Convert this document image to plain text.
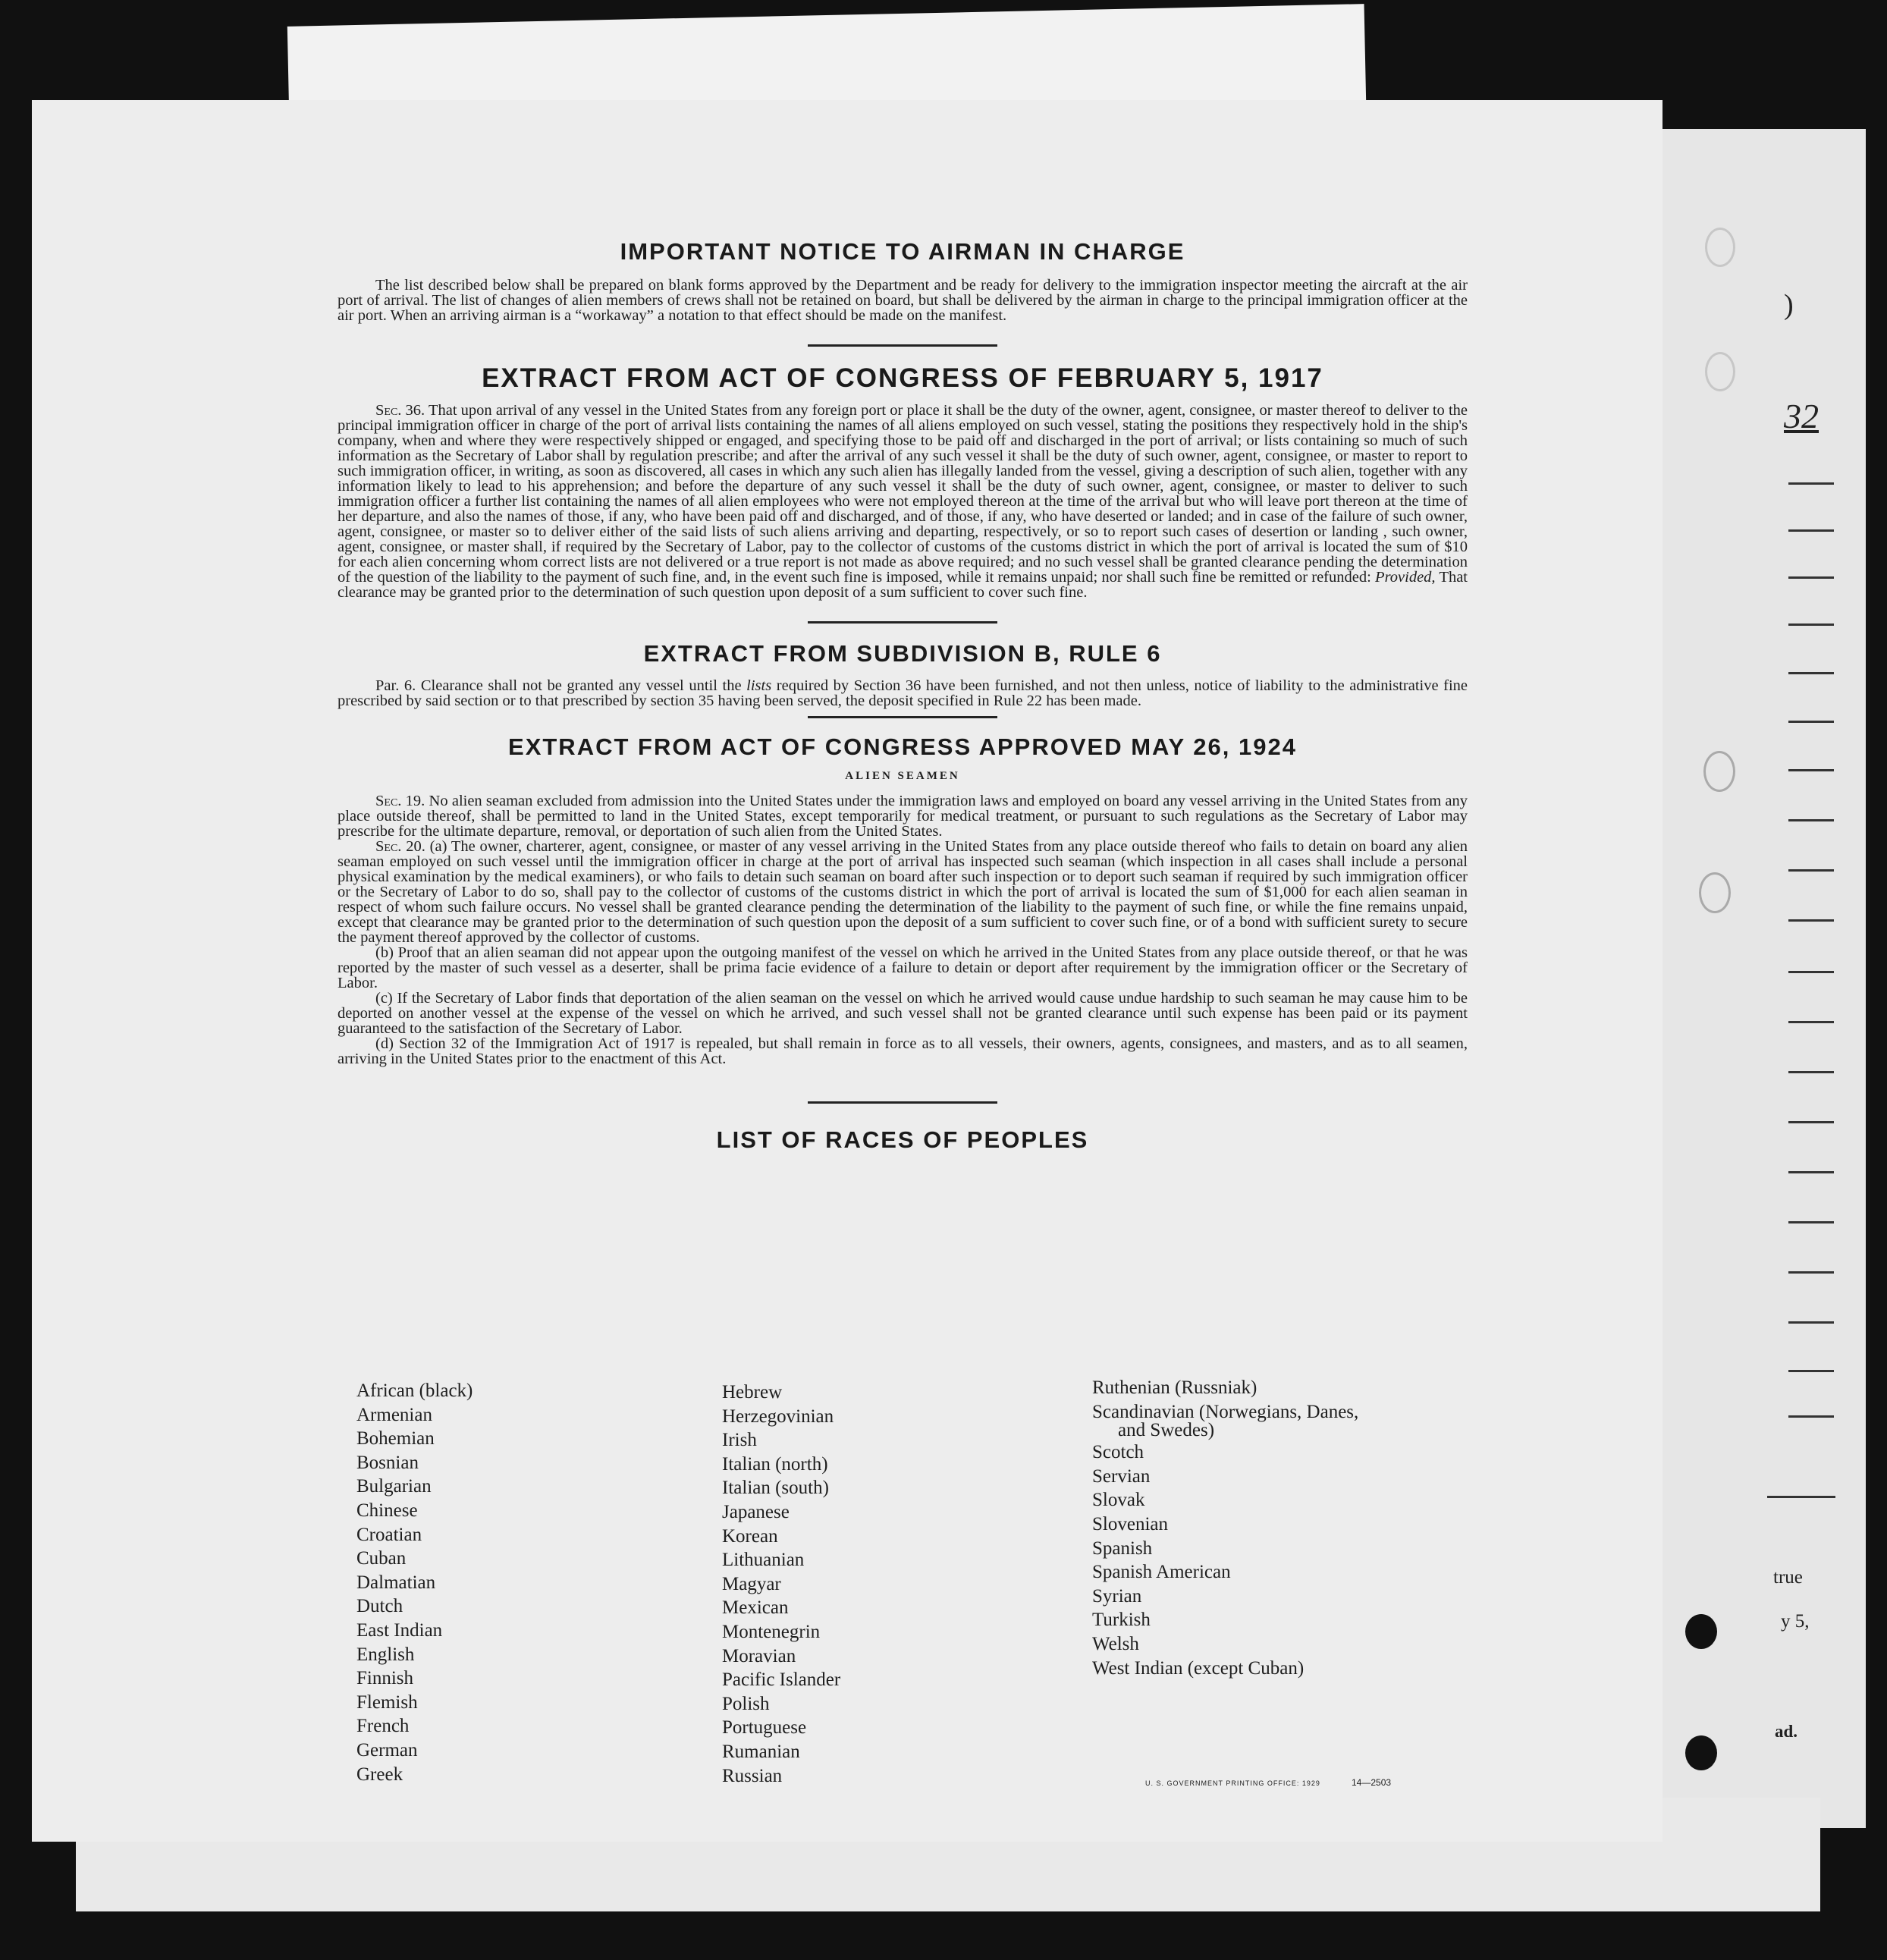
IMPORTANT NOTICE TO AIRMAN IN CHARGE

The list described below shall be prepared on blank forms approved by the Department and be ready for delivery to the immigration inspector meeting the aircraft at the air port of arrival. The list of changes of alien members of crews shall not be retained on board, but shall be delivered by the airman in charge to the principal immigration officer at the air port. When an arriving airman is a “workaway” a notation to that effect should be made on the manifest.

EXTRACT FROM ACT OF CONGRESS OF FEBRUARY 5, 1917

Sec. 36. That upon arrival of any vessel in the United States from any foreign port or place it shall be the duty of the owner, agent, consignee, or master thereof to deliver to the principal immigration officer in charge of the port of arrival lists containing the names of all aliens employed on such vessel, stating the positions they respectively hold in the ship's company, when and where they were respectively shipped or engaged, and specifying those to be paid off and discharged in the port of arrival; or lists containing so much of such information as the Secretary of Labor shall by regulation prescribe; and after the arrival of any such vessel it shall be the duty of such owner, agent, consignee, or master to report to such immigration officer, in writing, as soon as discovered, all cases in which any such alien has illegally landed from the vessel, giving a description of such alien, together with any information likely to lead to his apprehension; and before the departure of any such vessel it shall be the duty of such owner, agent, consignee, or master to deliver to such immigration officer a further list containing the names of all alien employees who were not employed thereon at the time of the arrival but who will leave port thereon at the time of her departure, and also the names of those, if any, who have been paid off and discharged, and of those, if any, who have deserted or landed; and in case of the failure of such owner, agent, consignee, or master so to deliver either of the said lists of such aliens arriving and departing, respectively, or so to report such cases of desertion or landing , such owner, agent, consignee, or master shall, if required by the Secretary of Labor, pay to the collector of customs of the customs district in which the port of arrival is located the sum of $10 for each alien concerning whom correct lists are not delivered or a true report is not made as above required; and no such vessel shall be granted clearance pending the determination of the question of the liability to the payment of such fine, and, in the event such fine is imposed, while it remains unpaid; nor shall such fine be remitted or refunded: Provided, That clearance may be granted prior to the determination of such question upon deposit of a sum sufficient to cover such fine.

EXTRACT FROM SUBDIVISION B, RULE 6

Par. 6. Clearance shall not be granted any vessel until the lists required by Section 36 have been furnished, and not then unless, notice of liability to the administrative fine prescribed by said section or to that prescribed by section 35 having been served, the deposit specified in Rule 22 has been made.

EXTRACT FROM ACT OF CONGRESS APPROVED MAY 26, 1924
ALIEN SEAMEN

Sec. 19. No alien seaman excluded from admission into the United States under the immigration laws and employed on board any vessel arriving in the United States from any place outside thereof, shall be permitted to land in the United States, except temporarily for medical treatment, or pursuant to such regulations as the Secretary of Labor may prescribe for the ultimate departure, removal, or deportation of such alien from the United States.

Sec. 20. (a) The owner, charterer, agent, consignee, or master of any vessel arriving in the United States from any place outside thereof who fails to detain on board any alien seaman employed on such vessel until the immigration officer in charge at the port of arrival has inspected such seaman (which inspection in all cases shall include a personal physical examination by the medical examiners), or who fails to detain such seaman on board after such inspection or to deport such seaman if required by such immigration officer or the Secretary of Labor to do so, shall pay to the collector of customs of the customs district in which the port of arrival is located the sum of $1,000 for each alien seaman in respect of whom such failure occurs. No vessel shall be granted clearance pending the determination of the liability to the payment of such fine, or while the fine remains unpaid, except that clearance may be granted prior to the determination of such question upon the deposit of a sum sufficient to cover such fine, or of a bond with sufficient surety to secure the payment thereof approved by the collector of customs.

(b) Proof that an alien seaman did not appear upon the outgoing manifest of the vessel on which he arrived in the United States from any place outside thereof, or that he was reported by the master of such vessel as a deserter, shall be prima facie evidence of a failure to detain or deport after requirement by the immigration officer or the Secretary of Labor.

(c) If the Secretary of Labor finds that deportation of the alien seaman on the vessel on which he arrived would cause undue hardship to such seaman he may cause him to be deported on another vessel at the expense of the vessel on which he arrived, and such vessel shall not be granted clearance until such expense has been paid or its payment guaranteed to the satisfaction of the Secretary of Labor.

(d) Section 32 of the Immigration Act of 1917 is repealed, but shall remain in force as to all vessels, their owners, agents, consignees, and masters, and as to all seamen, arriving in the United States prior to the enactment of this Act.

LIST OF RACES OF PEOPLES
African (black)
Armenian
Bohemian
Bosnian
Bulgarian
Chinese
Croatian
Cuban
Dalmatian
Dutch
East Indian
English
Finnish
Flemish
French
German
Greek
Hebrew
Herzegovinian
Irish
Italian (north)
Italian (south)
Japanese
Korean
Lithuanian
Magyar
Mexican
Montenegrin
Moravian
Pacific Islander
Polish
Portuguese
Rumanian
Russian
Ruthenian (Russniak)
Scandinavian (Norwegians, Danes,
and Swedes)
Scotch
Servian
Slovak
Slovenian
Spanish
Spanish American
Syrian
Turkish
Welsh
West Indian (except Cuban)
U. S. GOVERNMENT PRINTING OFFICE: 1929	14—2503
32
true
y 5,
ad.
)
